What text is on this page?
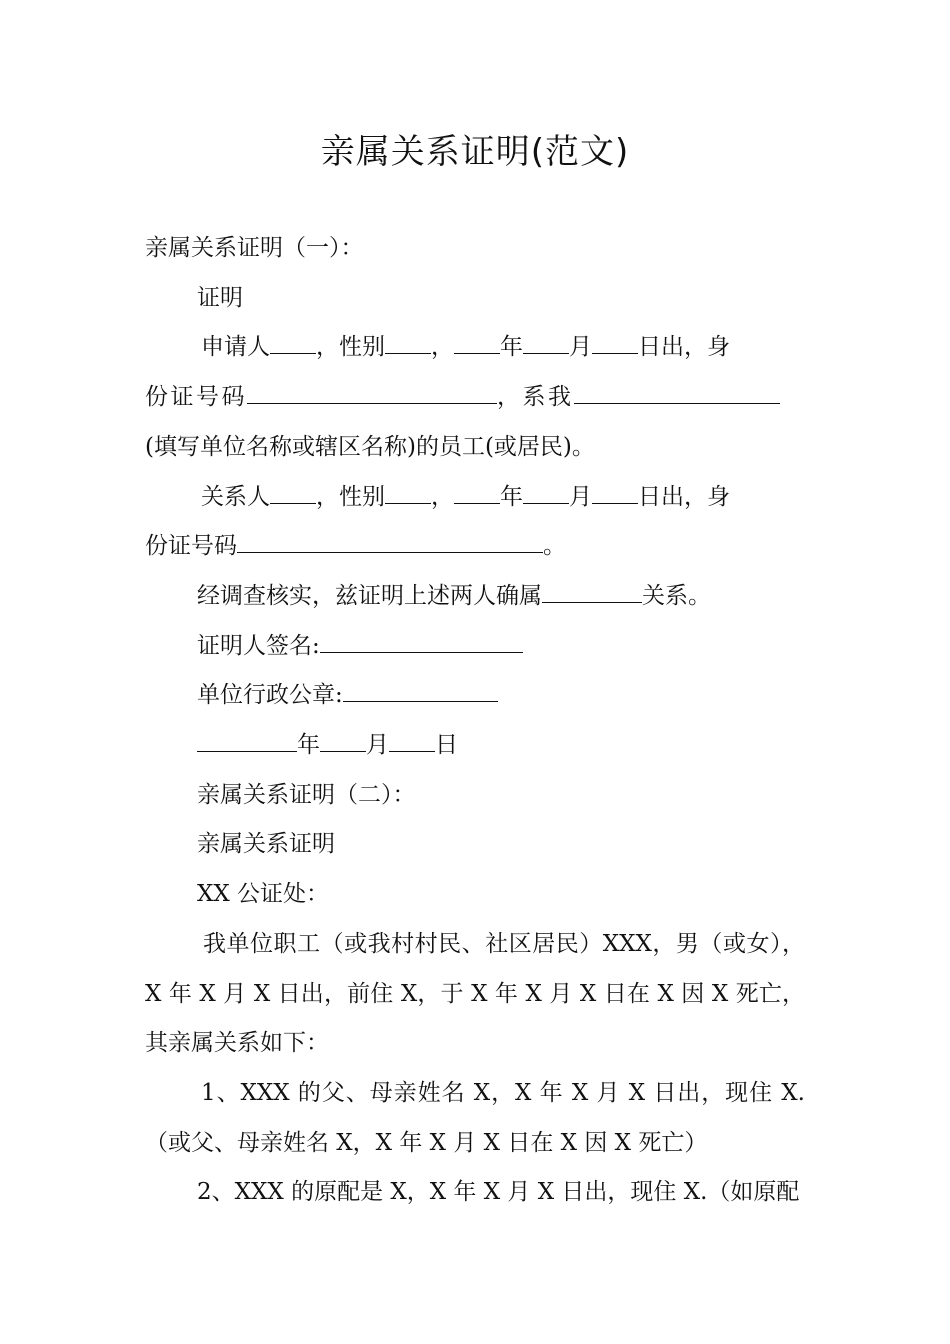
亲属关系证明(范文)

亲属关系证明（一）：

证明

申请人 ，性别 ， 年 月 日出，身

份证号码	，系我

(填写单位名称或辖区名称)的员工(或居民)。

关系人 ，性别 ， 年 月 日出，身

份证号码	。

经调查核实，兹证明上述两人确属	关系。

证明人签名:

单位行政公章:

年 月 日

亲属关系证明（二）：

亲属关系证明

XX 公证处：

我单位职工（或我村村民、社区居民）XXX，男（或女），X 年 X 月 X 日出，前住 X，于 X 年 X 月 X 日在 X 因 X 死亡，其亲属关系如下：

1、XXX 的父、母亲姓名 X，X 年 X 月 X 日出，现住 X.（或父、母亲姓名 X，X 年 X 月 X 日在 X 因 X 死亡）

2、XXX 的原配是 X，X 年 X 月 X 日出，现住 X.（如原配
